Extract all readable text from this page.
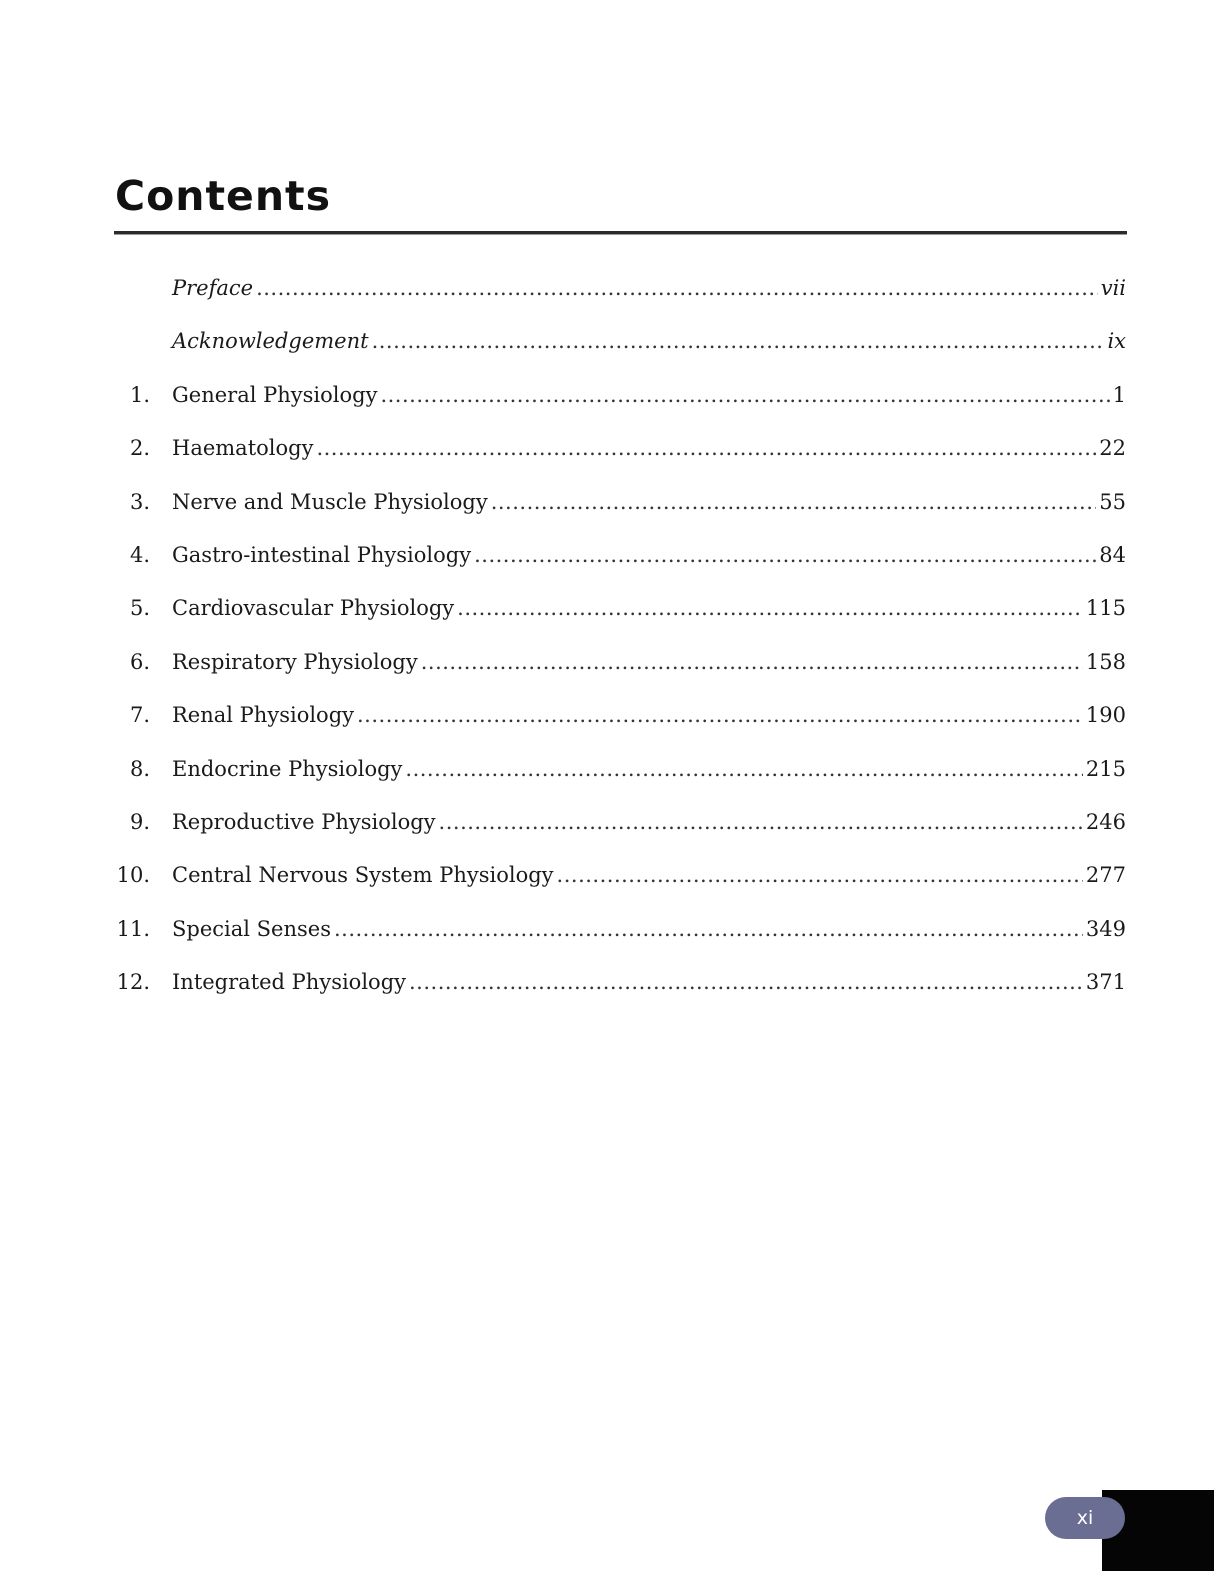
Contents
Preface .....	vii
Acknowledgement .....	ix
1. General Physiology .....	1
2. Haematology .....	22
3. Nerve and Muscle Physiology .....	55
4. Gastro-intestinal Physiology .....	84
5. Cardiovascular Physiology .....	115
6. Respiratory Physiology .....	158
7. Renal Physiology .....	190
8. Endocrine Physiology .....	215
9. Reproductive Physiology .....	246
10. Central Nervous System Physiology .....	277
11. Special Senses .....	349
12. Integrated Physiology .....	371
xi
